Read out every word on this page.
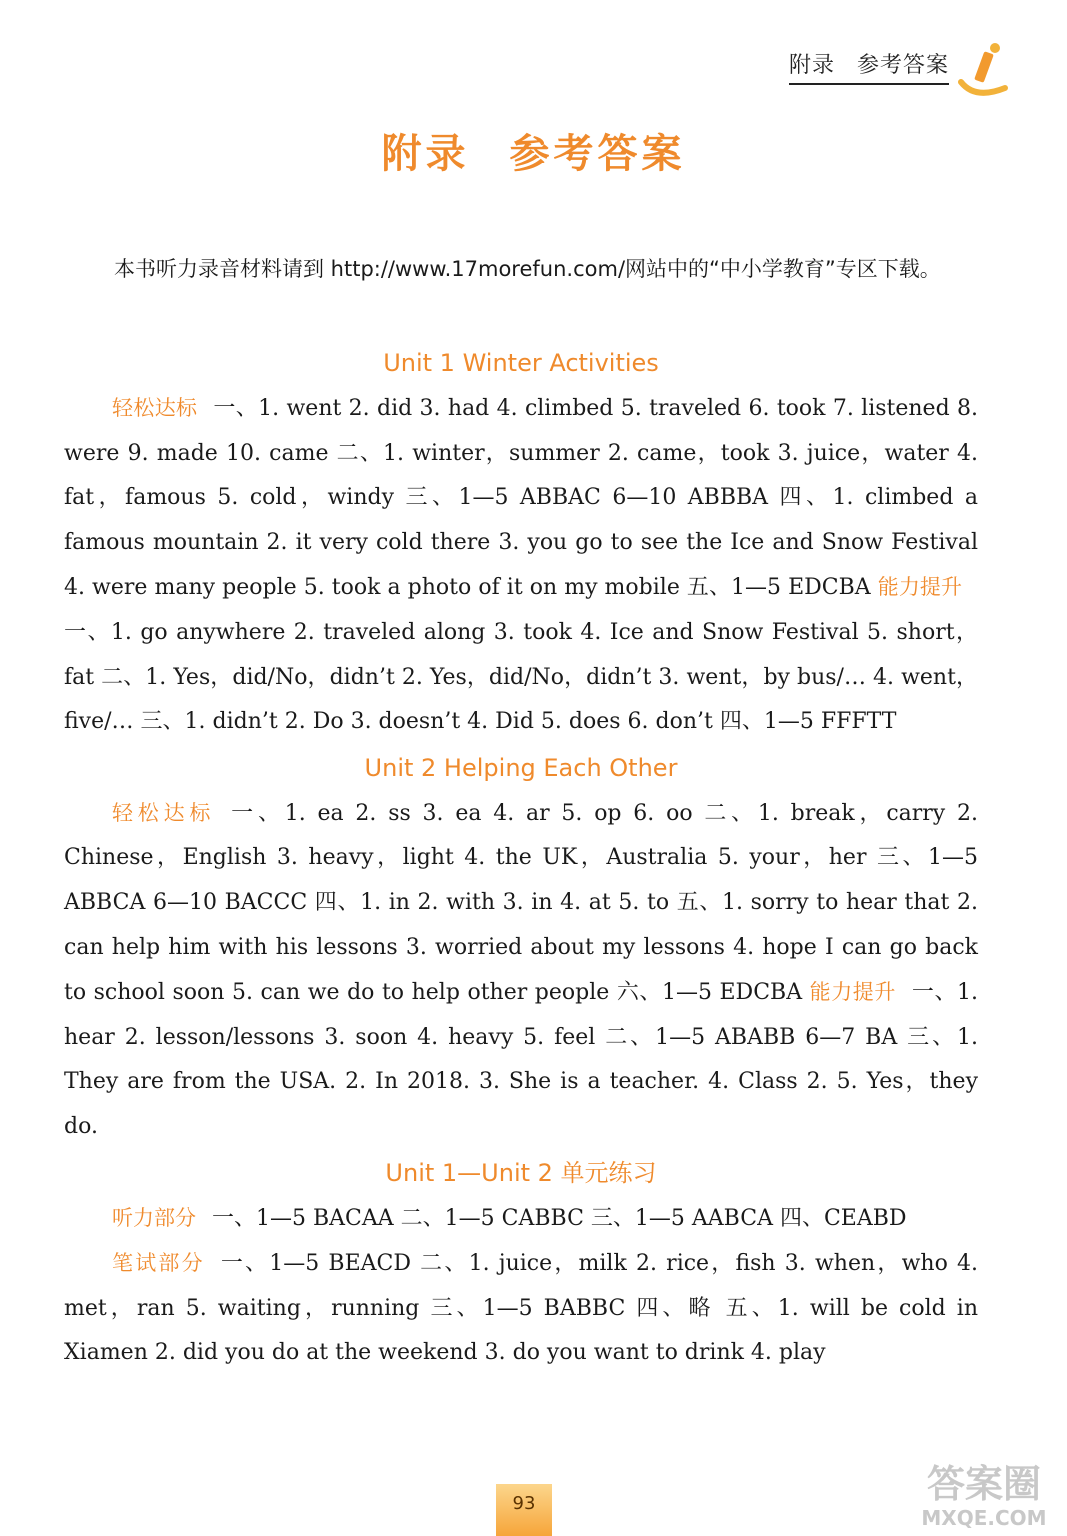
附录 参考答案
附录 参考答案

本书听力录音材料请到 http://www.17morefun.com/网站中的“中小学教育”专区下载。

Unit 1 Winter Activities

轻松达标 一、1. went 2. did 3. had 4. climbed 5. traveled 6. took 7. listened 8. were 9. made 10. came 二、1. winter，summer 2. came，took 3. juice，water 4. fat，famous 5. cold，windy 三、1—5 ABBAC 6—10 ABBBA 四、1. climbed a famous mountain 2. it very cold there 3. you go to see the Ice and Snow Festival 4. were many people 5. took a photo of it on my mobile 五、1—5 EDCBA 能力提升一、1. go anywhere 2. traveled along 3. took 4. Ice and Snow Festival 5. short，fat 二、1. Yes，did/No，didn’t 2. Yes，did/No，didn’t 3. went，by bus/… 4. went，five/… 三、1. didn’t 2. Do 3. doesn’t 4. Did 5. does 6. don’t 四、1—5 FFFTT

Unit 2 Helping Each Other

轻松达标 一、1. ea 2. ss 3. ea 4. ar 5. op 6. oo 二、1. break，carry 2. Chinese，English 3. heavy，light 4. the UK，Australia 5. your，her 三、1—5 ABBCA 6—10 BACCC 四、1. in 2. with 3. in 4. at 5. to 五、1. sorry to hear that 2. can help him with his lessons 3. worried about my lessons 4. hope I can go back to school soon 5. can we do to help other people 六、1—5 EDCBA 能力提升 一、1. hear 2. lesson/lessons 3. soon 4. heavy 5. feel 二、1—5 ABABB 6—7 BA 三、1. They are from the USA. 2. In 2018. 3. She is a teacher. 4. Class 2. 5. Yes，they do.

Unit 1—Unit 2 单元练习

听力部分 一、1—5 BACAA 二、1—5 CABBC 三、1—5 AABCA 四、CEABD

笔试部分 一、1—5 BEACD 二、1. juice，milk 2. rice，fish 3. when，who 4. met，ran 5. waiting，running 三、1—5 BABBC 四、略 五、1. will be cold in Xiamen 2. did you do at the weekend 3. do you want to drink 4. play

93	答案圈
MXQE.COM
